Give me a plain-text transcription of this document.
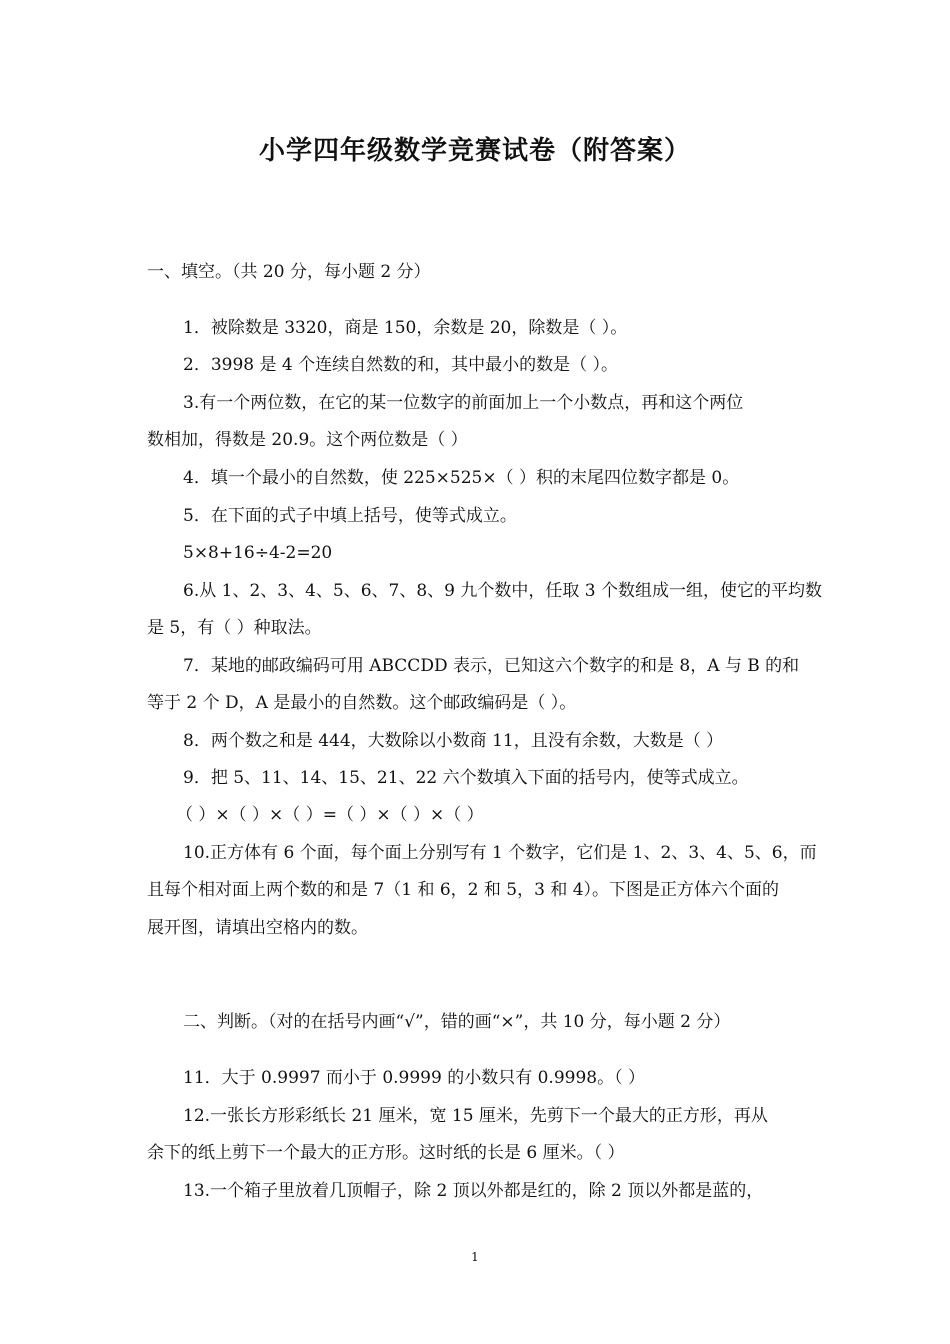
小学四年级数学竞赛试卷（附答案）
一、填空。（共 20 分，每小题 2 分）
1．被除数是 3320，商是 150，余数是 20，除数是（ ）。
2．3998 是 4 个连续自然数的和，其中最小的数是（ ）。
3.有一个两位数，在它的某一位数字的前面加上一个小数点，再和这个两位
数相加，得数是 20.9。这个两位数是（ ）
4．填一个最小的自然数，使 225×525×（ ）积的末尾四位数字都是 0。
5．在下面的式子中填上括号，使等式成立。
5×8+16÷4-2=20
6.从 1、2、3、4、5、6、7、8、9 九个数中，任取 3 个数组成一组，使它的平均数
是 5，有（ ）种取法。
7．某地的邮政编码可用 ABCCDD 表示，已知这六个数字的和是 8，A 与 B 的和
等于 2 个 D，A 是最小的自然数。这个邮政编码是（ ）。
8．两个数之和是 444，大数除以小数商 11，且没有余数，大数是（ ）
9．把 5、11、14、15、21、22 六个数填入下面的括号内，使等式成立。
（ ）×（ ）×（ ）=（ ）×（ ）×（ ）
10.正方体有 6 个面，每个面上分别写有 1 个数字，它们是 1、2、3、4、5、6，而
且每个相对面上两个数的和是 7（1 和 6，2 和 5，3 和 4）。下图是正方体六个面的
展开图，请填出空格内的数。
二、判断。（对的在括号内画“√”，错的画“×”，共 10 分，每小题 2 分）
11．大于 0.9997 而小于 0.9999 的小数只有 0.9998。（ ）
12.一张长方形彩纸长 21 厘米，宽 15 厘米，先剪下一个最大的正方形，再从
余下的纸上剪下一个最大的正方形。这时纸的长是 6 厘米。（ ）
13.一个箱子里放着几顶帽子，除 2 顶以外都是红的，除 2 顶以外都是蓝的，
1
